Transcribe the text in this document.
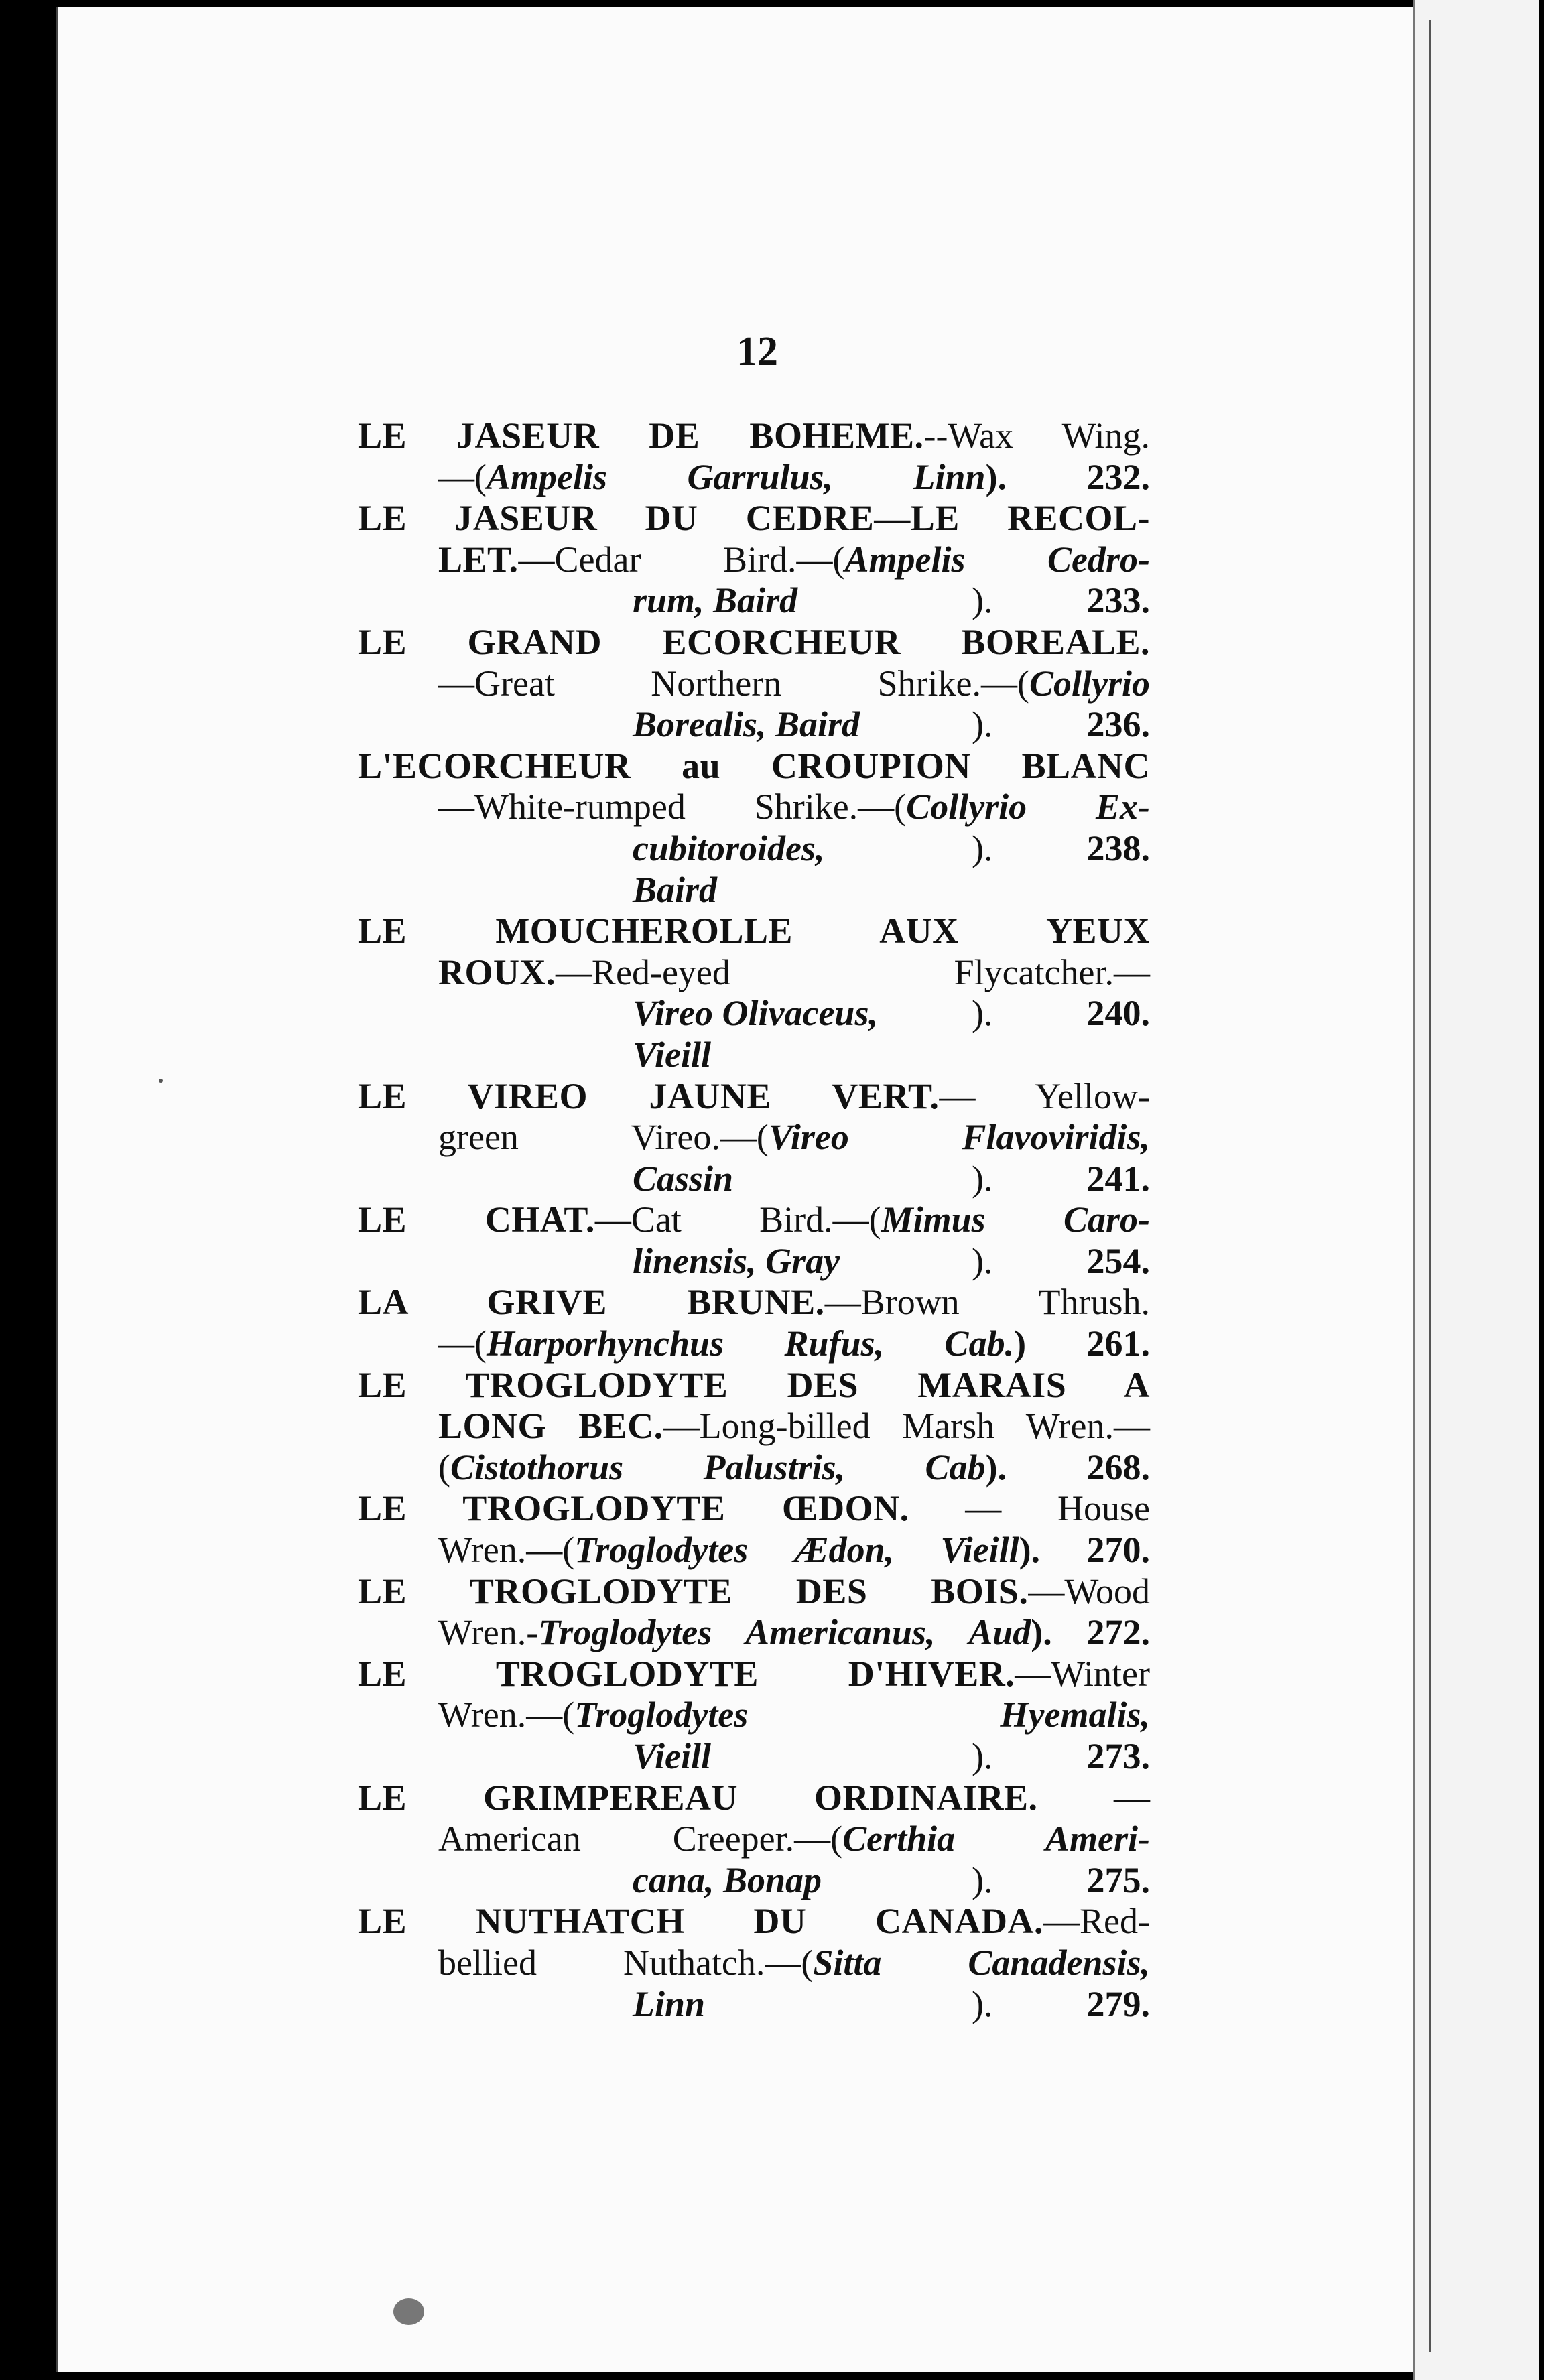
12
LE JASEUR DE BOHEME.--Wax Wing.
—(Ampelis Garrulus, Linn). 232.
LE JASEUR DU CEDRE—LE RECOL-
LET.—Cedar Bird.—(Ampelis Cedro-
rum, Baird	).	233.
LE GRAND ECORCHEUR BOREALE.
—Great Northern Shrike.—(Collyrio
Borealis, Baird	).	236.
L'ECORCHEUR au CROUPION BLANC
—White-rumped Shrike.—(Collyrio Ex-
cubitoroides, Baird
).	238.
LE MOUCHEROLLE AUX YEUX
ROUX.—Red-eyed Flycatcher.—
Vireo Olivaceus, Vieill
).	240.
LE VIREO JAUNE VERT.— Yellow-
green Vireo.—(Vireo Flavoviridis,
Cassin	).	241.
LE CHAT.—Cat Bird.—(Mimus Caro-
linensis, Gray	).	254.
LA GRIVE BRUNE.—Brown Thrush.
—(Harporhynchus Rufus, Cab.) 261.
LE TROGLODYTE DES MARAIS A
LONG BEC.—Long-billed Marsh Wren.—
(Cistothorus Palustris, Cab). 268.
LE TROGLODYTE ŒDON. — House
Wren.—(Troglodytes Ædon, Vieill). 270.
LE TROGLODYTE DES BOIS.—Wood
Wren.-Troglodytes Americanus, Aud). 272.
LE TROGLODYTE D'HIVER.—Winter
Wren.—(Troglodytes Hyemalis,
Vieill	).	273.
LE GRIMPEREAU ORDINAIRE. —
American Creeper.—(Certhia Ameri-
cana, Bonap	).	275.
LE NUTHATCH DU CANADA.—Red-
bellied Nuthatch.—(Sitta Canadensis,
Linn	).	279.
